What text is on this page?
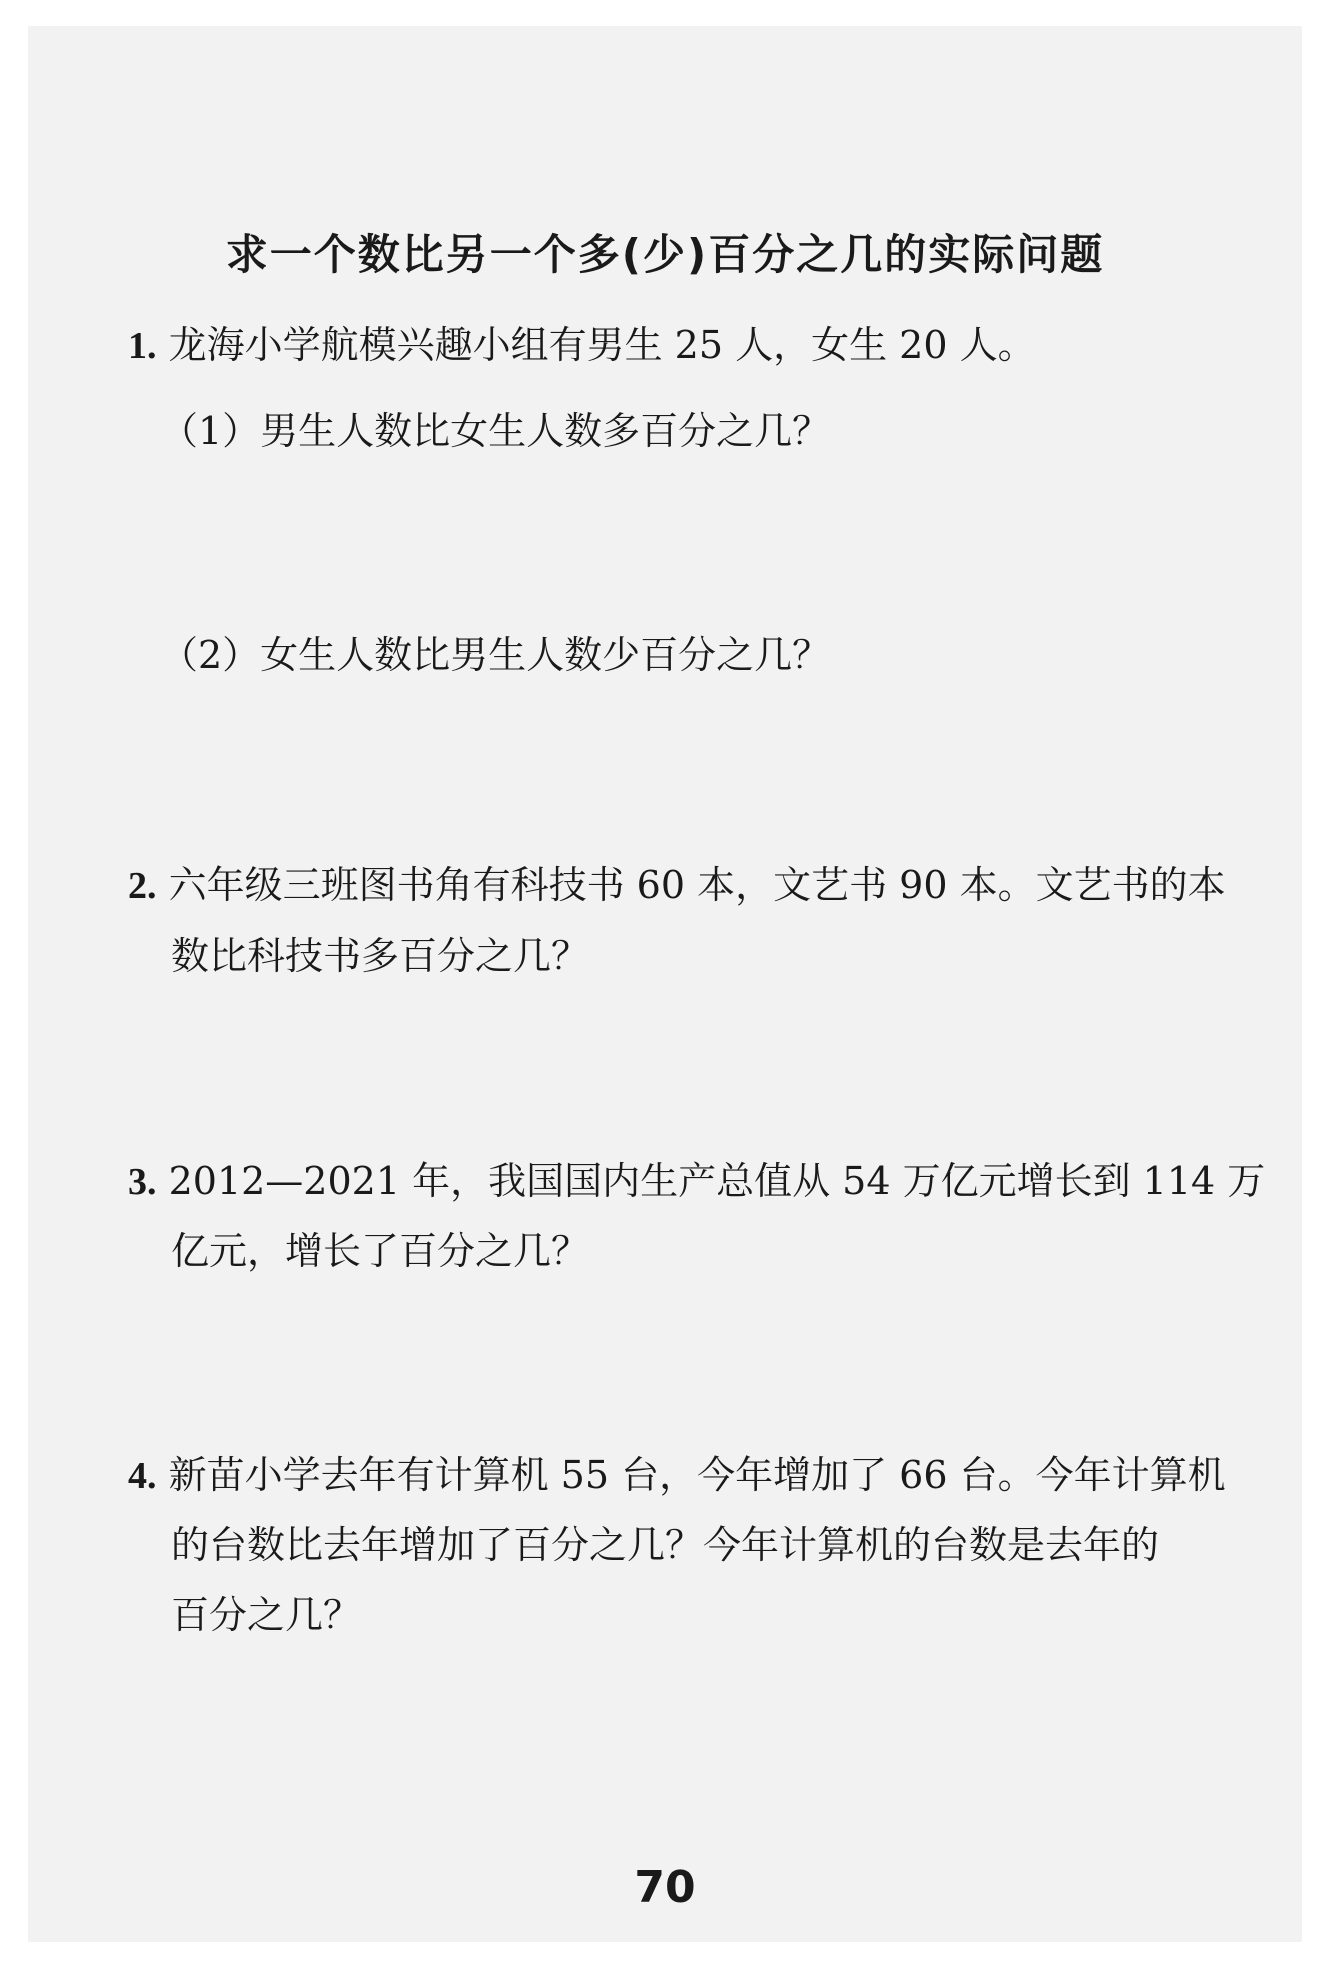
求一个数比另一个多(少)百分之几的实际问题
1. 龙海小学航模兴趣小组有男生 25 人，女生 20 人。
（1）男生人数比女生人数多百分之几？
（2）女生人数比男生人数少百分之几？
2. 六年级三班图书角有科技书 60 本，文艺书 90 本。文艺书的本
数比科技书多百分之几？
3. 2012—2021 年，我国国内生产总值从 54 万亿元增长到 114 万
亿元，增长了百分之几？
4. 新苗小学去年有计算机 55 台，今年增加了 66 台。今年计算机
的台数比去年增加了百分之几？今年计算机的台数是去年的
百分之几？
70
